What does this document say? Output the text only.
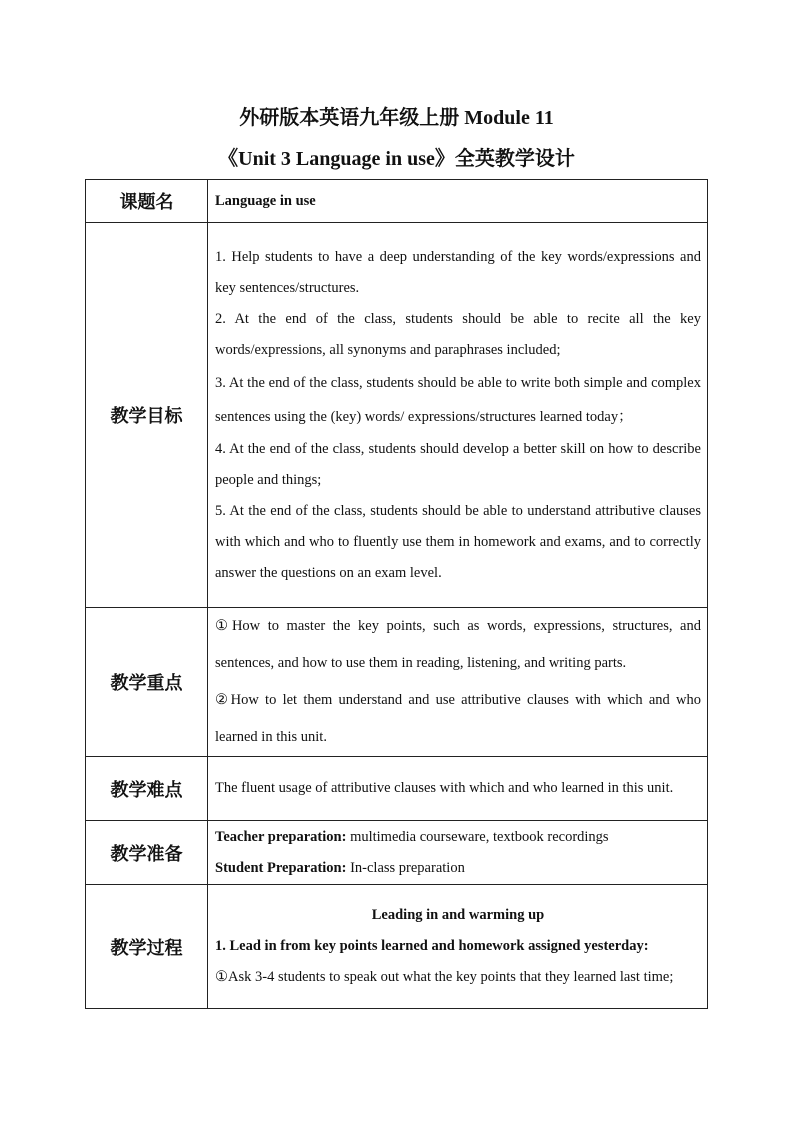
外研版本英语九年级上册 Module 11
《Unit 3 Language in use》全英教学设计
课题名	Language in use
教学目标	1. Help students to have a deep understanding of the key words/expressions and key sentences/structures.

2. At the end of the class, students should be able to recite all the key words/expressions, all synonyms and paraphrases included;

3. At the end of the class, students should be able to write both simple and complex sentences using the (key) words/ expressions/structures learned today；

4. At the end of the class, students should develop a better skill on how to describe people and things;

5. At the end of the class, students should be able to understand attributive clauses with which and who to fluently use them in homework and exams, and to correctly answer the questions on an exam level.

教学重点	①How to master the key points, such as words, expressions, structures, and sentences, and how to use them in reading, listening, and writing parts.

②How to let them understand and use attributive clauses with which and who learned in this unit.

教学难点	The fluent usage of attributive clauses with which and who learned in this unit.
教学准备	Teacher preparation: multimedia courseware, textbook recordings

Student Preparation: In-class preparation

教学过程	Leading in and warming up

1. Lead in from key points learned and homework assigned yesterday:

①Ask 3-4 students to speak out what the key points that they learned last time;
